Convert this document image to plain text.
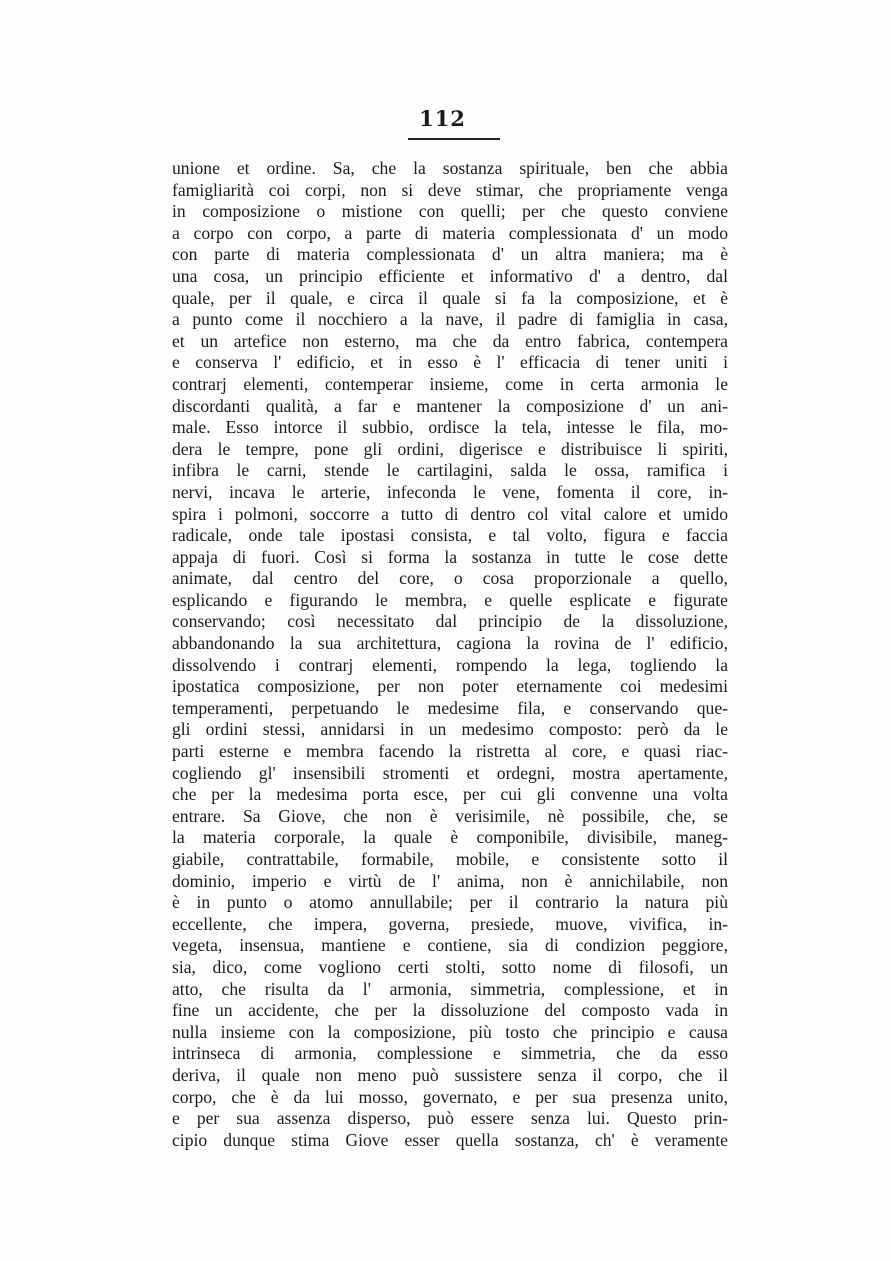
112
unione et ordine. Sa, che la sostanza spirituale, ben che abbia
famigliarità coi corpi, non si deve stimar, che propriamente venga
in composizione o mistione con quelli; per che questo conviene
a corpo con corpo, a parte di materia complessionata d' un modo
con parte di materia complessionata d' un altra maniera; ma è
una cosa, un principio efficiente et informativo d' a dentro, dal
quale, per il quale, e circa il quale si fa la composizione, et è
a punto come il nocchiero a la nave, il padre di famiglia in casa,
et un artefice non esterno, ma che da entro fabrica, contempera
e conserva l' edificio, et in esso è l' efficacia di tener uniti i
contrarj elementi, contemperar insieme, come in certa armonia le
discordanti qualità, a far e mantener la composizione d' un ani-
male. Esso intorce il subbio, ordisce la tela, intesse le fila, mo-
dera le tempre, pone gli ordini, digerisce e distribuisce li spiriti,
infibra le carni, stende le cartilagini, salda le ossa, ramifica i
nervi, incava le arterie, infeconda le vene, fomenta il core, in-
spira i polmoni, soccorre a tutto di dentro col vital calore et umido
radicale, onde tale ipostasi consista, e tal volto, figura e faccia
appaja di fuori. Così si forma la sostanza in tutte le cose dette
animate, dal centro del core, o cosa proporzionale a quello,
esplicando e figurando le membra, e quelle esplicate e figurate
conservando; così necessitato dal principio de la dissoluzione,
abbandonando la sua architettura, cagiona la rovina de l' edificio,
dissolvendo i contrarj elementi, rompendo la lega, togliendo la
ipostatica composizione, per non poter eternamente coi medesimi
temperamenti, perpetuando le medesime fila, e conservando que-
gli ordini stessi, annidarsi in un medesimo composto: però da le
parti esterne e membra facendo la ristretta al core, e quasi riac-
cogliendo gl' insensibili stromenti et ordegni, mostra apertamente,
che per la medesima porta esce, per cui gli convenne una volta
entrare. Sa Giove, che non è verisimile, nè possibile, che, se
la materia corporale, la quale è componibile, divisibile, maneg-
giabile, contrattabile, formabile, mobile, e consistente sotto il
dominio, imperio e virtù de l' anima, non è annichilabile, non
è in punto o atomo annullabile; per il contrario la natura più
eccellente, che impera, governa, presiede, muove, vivifica, in-
vegeta, insensua, mantiene e contiene, sia di condizion peggiore,
sia, dico, come vogliono certi stolti, sotto nome di filosofi, un
atto, che risulta da l' armonia, simmetria, complessione, et in
fine un accidente, che per la dissoluzione del composto vada in
nulla insieme con la composizione, più tosto che principio e causa
intrinseca di armonia, complessione e simmetria, che da esso
deriva, il quale non meno può sussistere senza il corpo, che il
corpo, che è da lui mosso, governato, e per sua presenza unito,
e per sua assenza disperso, può essere senza lui. Questo prin-
cipio dunque stima Giove esser quella sostanza, ch' è veramente
